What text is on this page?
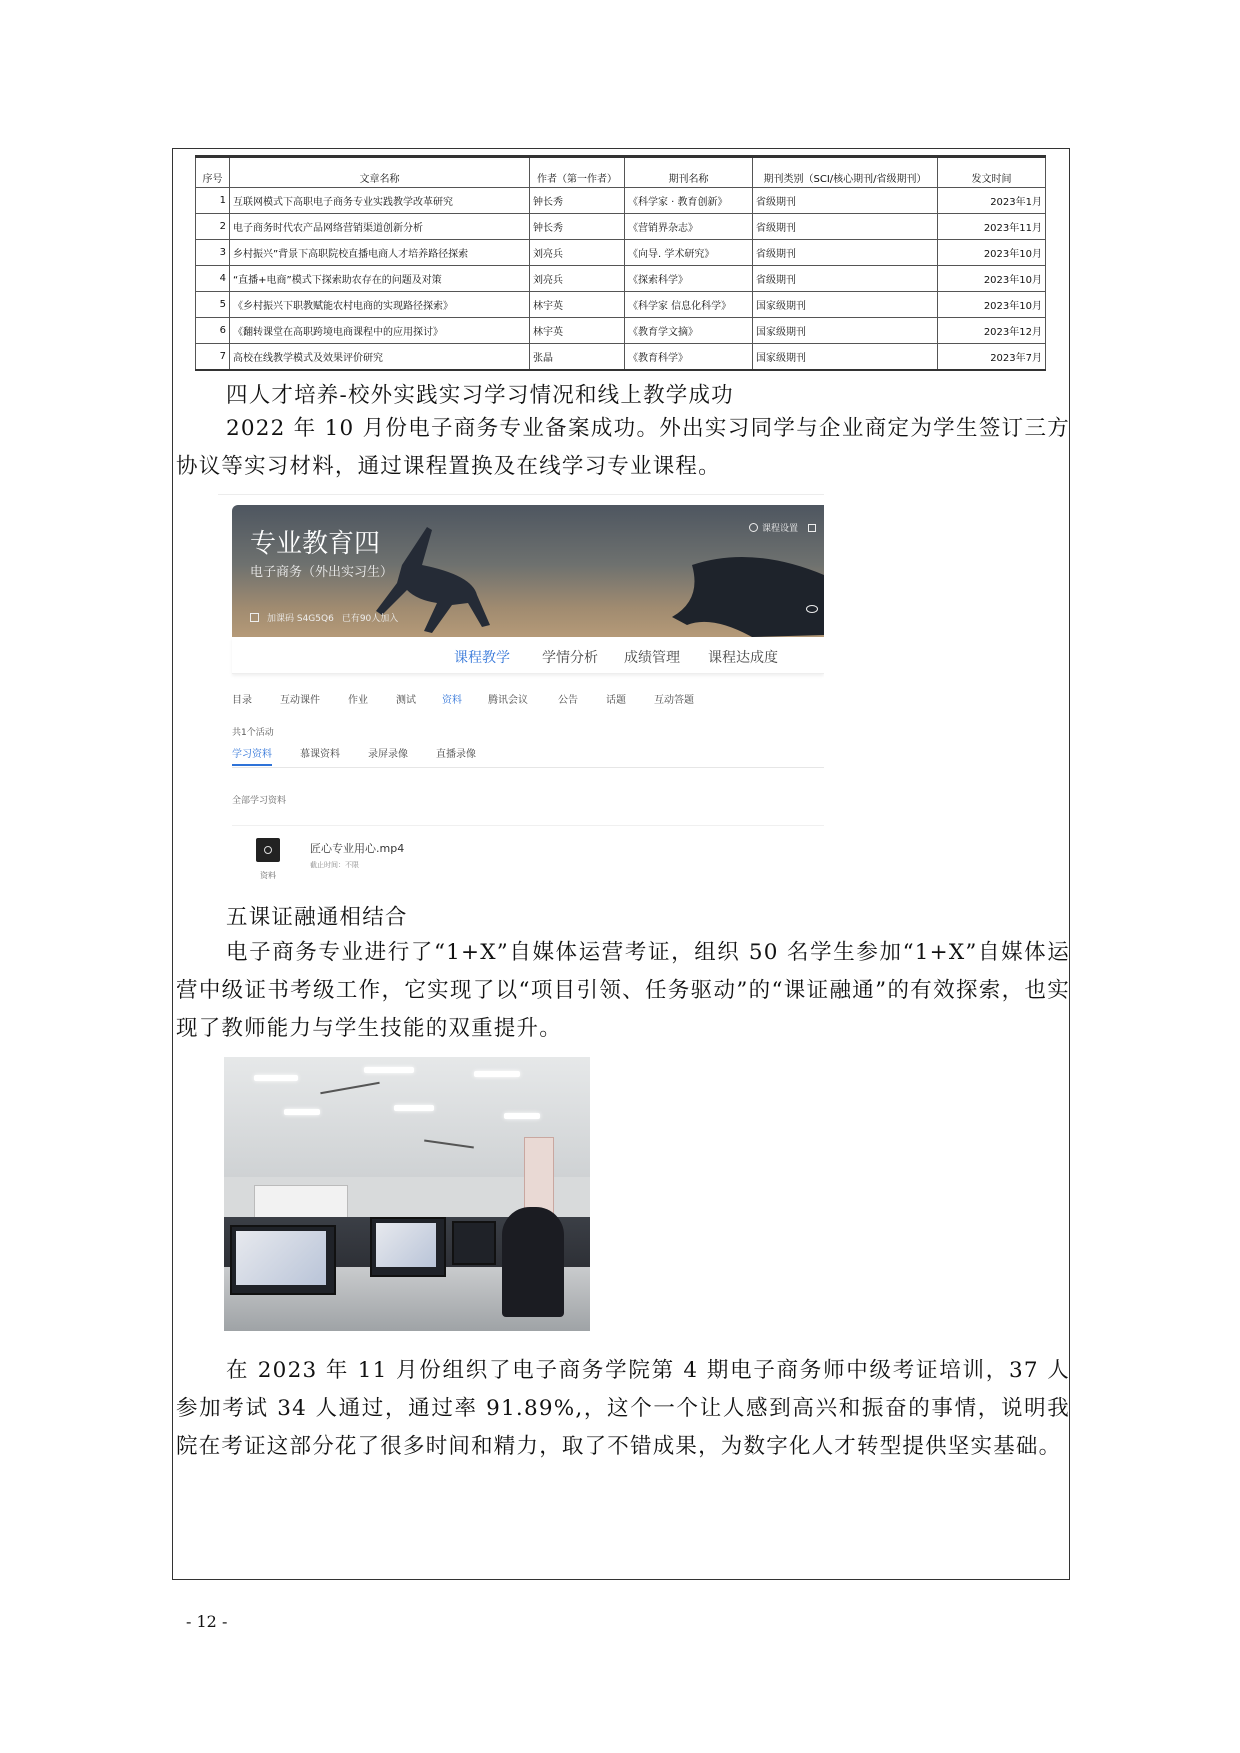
序号	文章名称	作者（第一作者）	期刊名称	期刊类别（SCI/核心期刊/省级期刊）	发文时间
1	互联网模式下高职电子商务专业实践教学改革研究	钟长秀	《科学家 · 教育创新》	省级期刊	2023年1月
2	电子商务时代农产品网络营销渠道创新分析	钟长秀	《营销界杂志》	省级期刊	2023年11月
3	乡村振兴”背景下高职院校直播电商人才培养路径探索	刘亮兵	《向导. 学术研究》	省级期刊	2023年10月
4	“直播+电商”模式下探索助农存在的问题及对策	刘亮兵	《探索科学》	省级期刊	2023年10月
5	《乡村振兴下职教赋能农村电商的实现路径探索》	林宇英	《科学家 信息化科学》	国家级期刊	2023年10月
6	《翻转课堂在高职跨境电商课程中的应用探讨》	林宇英	《教育学文摘》	国家级期刊	2023年12月
7	高校在线教学模式及效果评价研究	张晶	《教育科学》	国家级期刊	2023年7月

四人才培养-校外实践实习学习情况和线上教学成功

2022 年 10 月份电子商务专业备案成功。外出实习同学与企业商定为学生签订三方协议等实习材料，通过课程置换及在线学习专业课程。

专业教育四
电子商务（外出实习生）
加课码 S4G5Q6 已有90人加入
课程设置
课程教学 学情分析 成绩管理 课程达成度
目录	互动课件	作业	测试	资料	腾讯会议	公告	话题	互动答题
共1个活动
学习资料	慕课资料	录屏录像	直播录像
全部学习资料
资料
匠心专业用心.mp4
截止时间：不限

五课证融通相结合

电子商务专业进行了“1+X”自媒体运营考证，组织 50 名学生参加“1+X”自媒体运营中级证书考级工作，它实现了以“项目引领、任务驱动”的“课证融通”的有效探索，也实现了教师能力与学生技能的双重提升。

在 2023 年 11 月份组织了电子商务学院第 4 期电子商务师中级考证培训，37 人参加考试 34 人通过，通过率 91.89%,，这个一个让人感到高兴和振奋的事情，说明我院在考证这部分花了很多时间和精力，取了不错成果，为数字化人才转型提供坚实基础。

- 12 -
